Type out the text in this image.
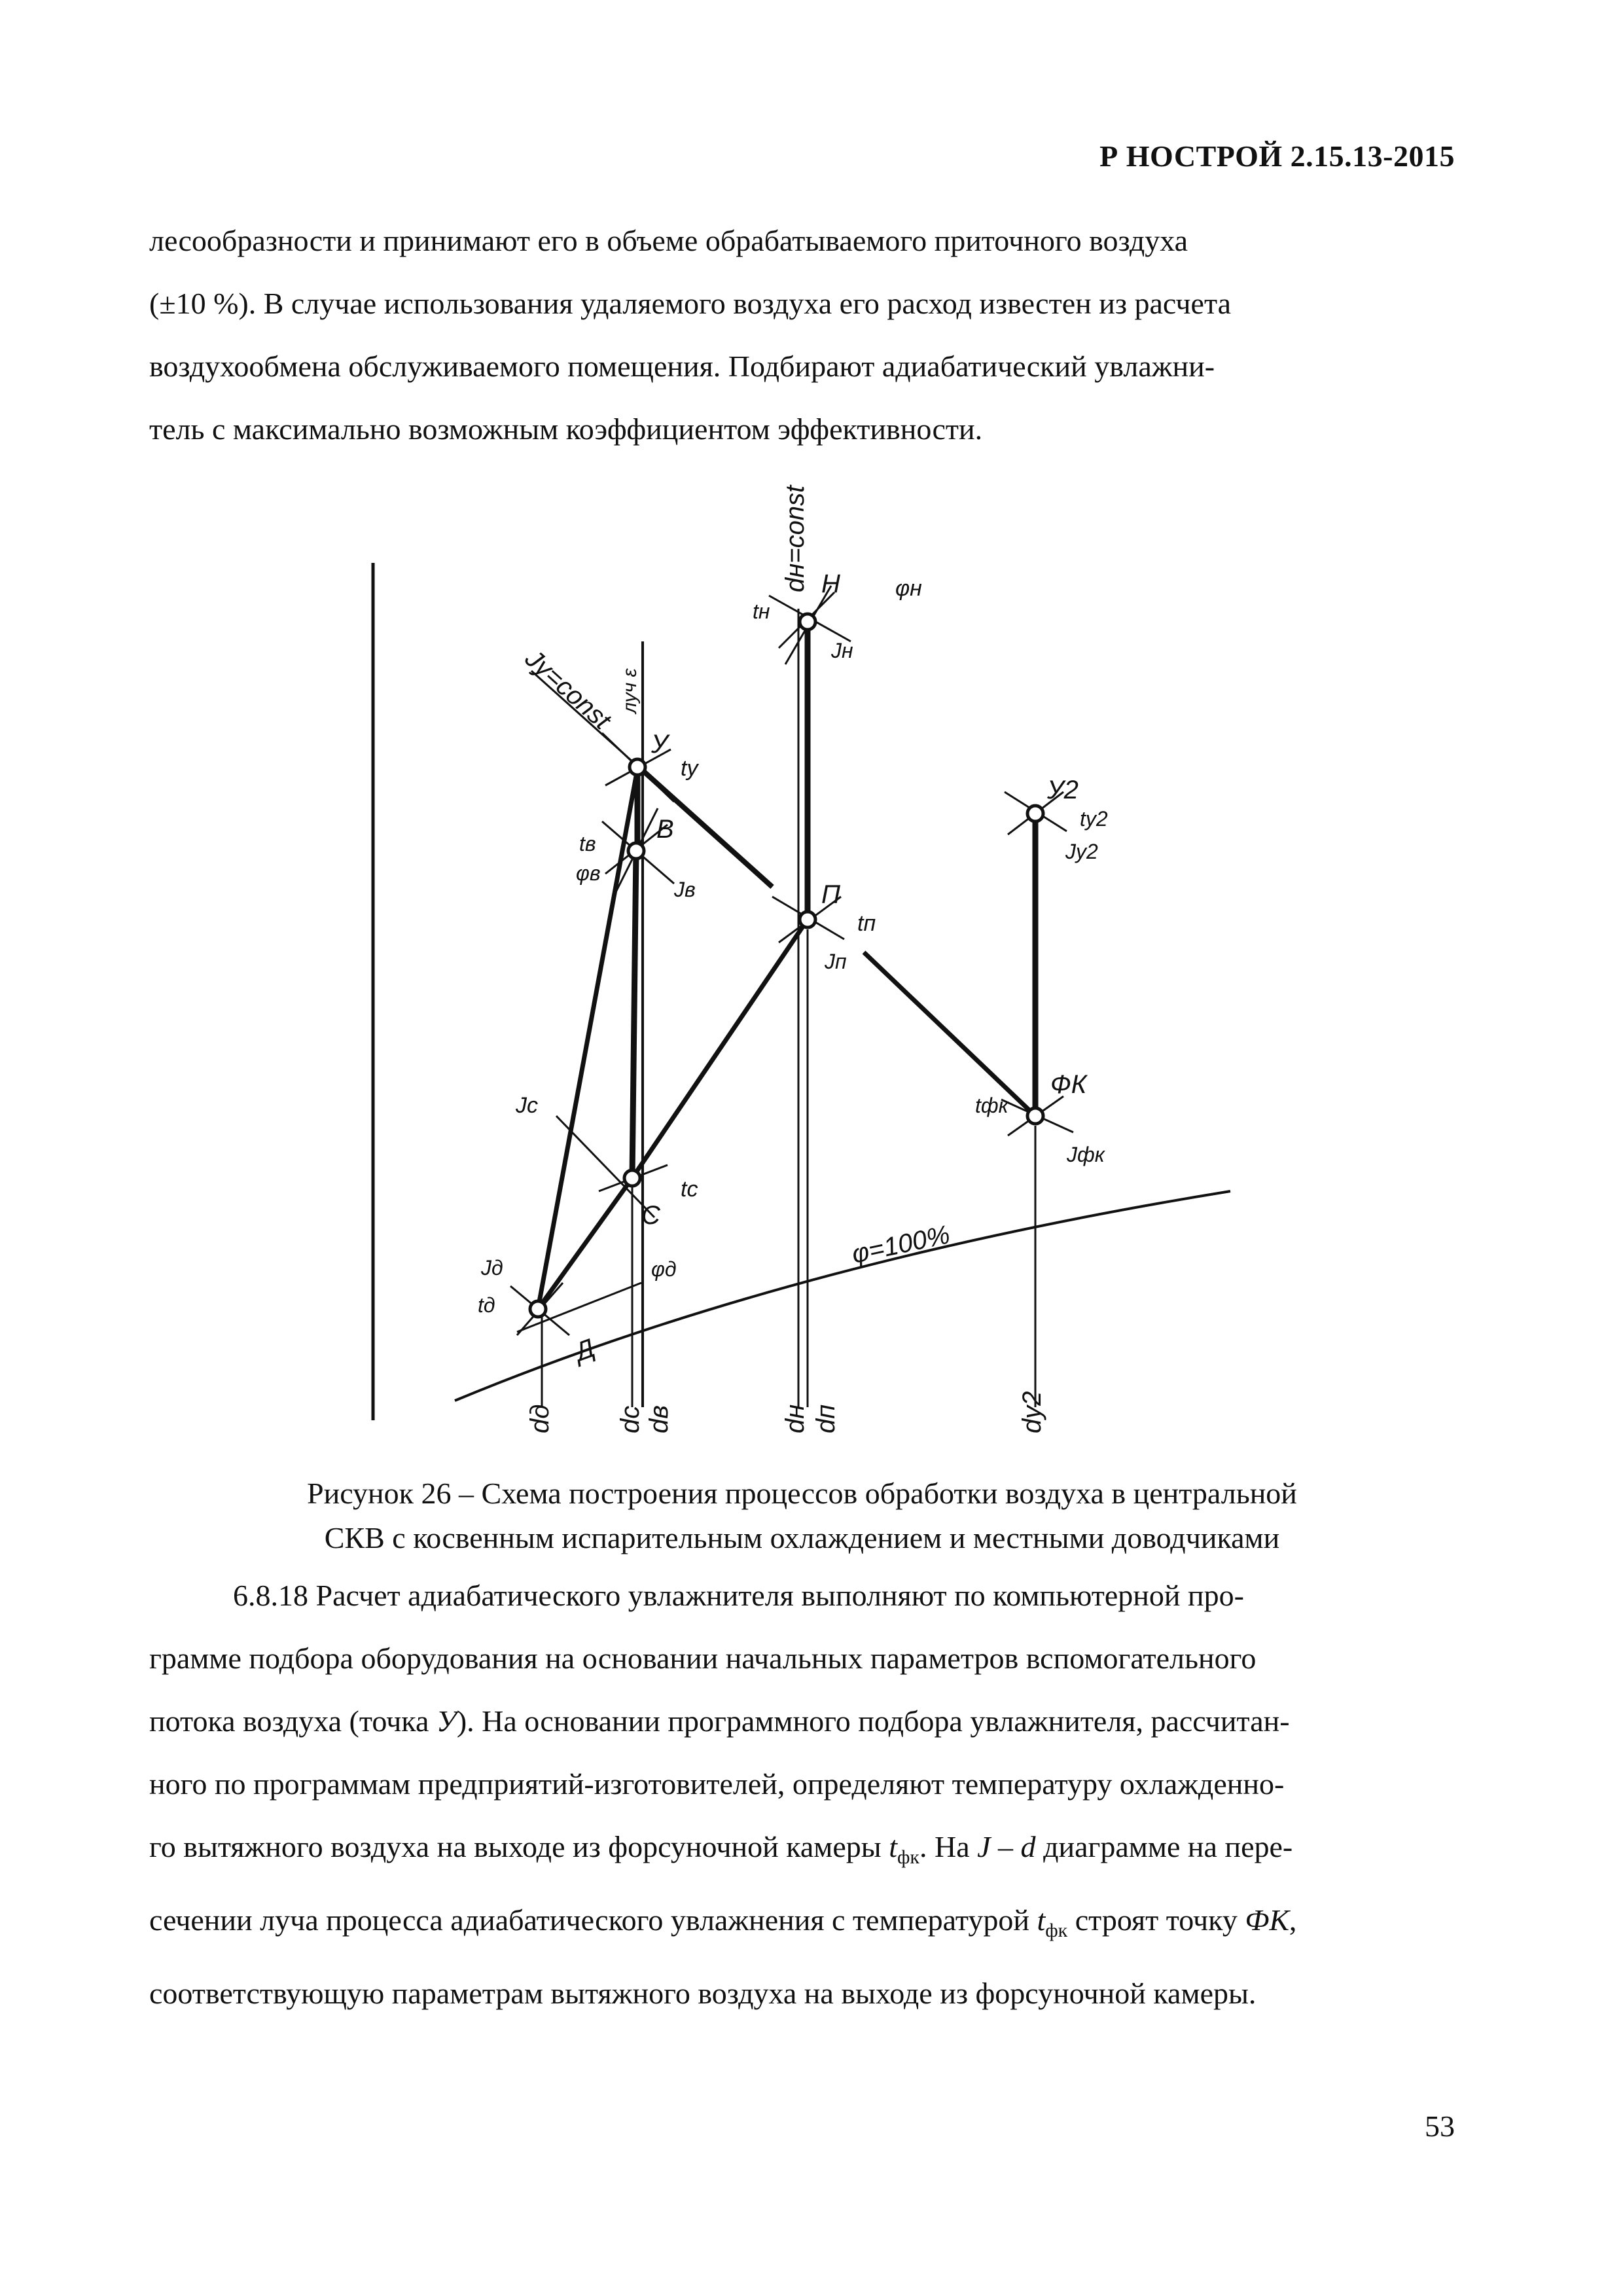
Р НОСТРОЙ 2.15.13-2015

лесообразности и принимают его в объеме обрабатываемого приточного воздуха

(±10 %). В случае использования удаляемого воздуха его расход известен из расчета

воздухообмена обслуживаемого помещения. Подбирают адиабатический увлажни-

тель с максимально возможным коэффициентом эффективности.

dн=const
Jу=const луч ε
φ=100%
Н
tн
φн
Jн
У
tу
В
tв
φв
Jв	П
tп
Jп
У2
tу2
Jу2
ФК
tфк
Jфк
Jс
tс
С
Jд
tд
Д
φд
dд dс dв	dн dп	dу2
Рисунок 26 – Схема построения процессов обработки воздуха в центральной
СКВ с косвенным испарительным охлаждением и местными доводчиками

6.8.18 Расчет адиабатического увлажнителя выполняют по компьютерной про-

грамме подбора оборудования на основании начальных параметров вспомогательного

потока воздуха (точка У). На основании программного подбора увлажнителя, рассчитан-

ного по программам предприятий-изготовителей, определяют температуру охлажденно-

го вытяжного воздуха на выходе из форсуночной камеры $t_{фк}$. На J – d диаграмме на пере-

сечении луча процесса адиабатического увлажнения с температурой $t_{фк}$ строят точку ФК,

соответствующую параметрам вытяжного воздуха на выходе из форсуночной камеры.

53
